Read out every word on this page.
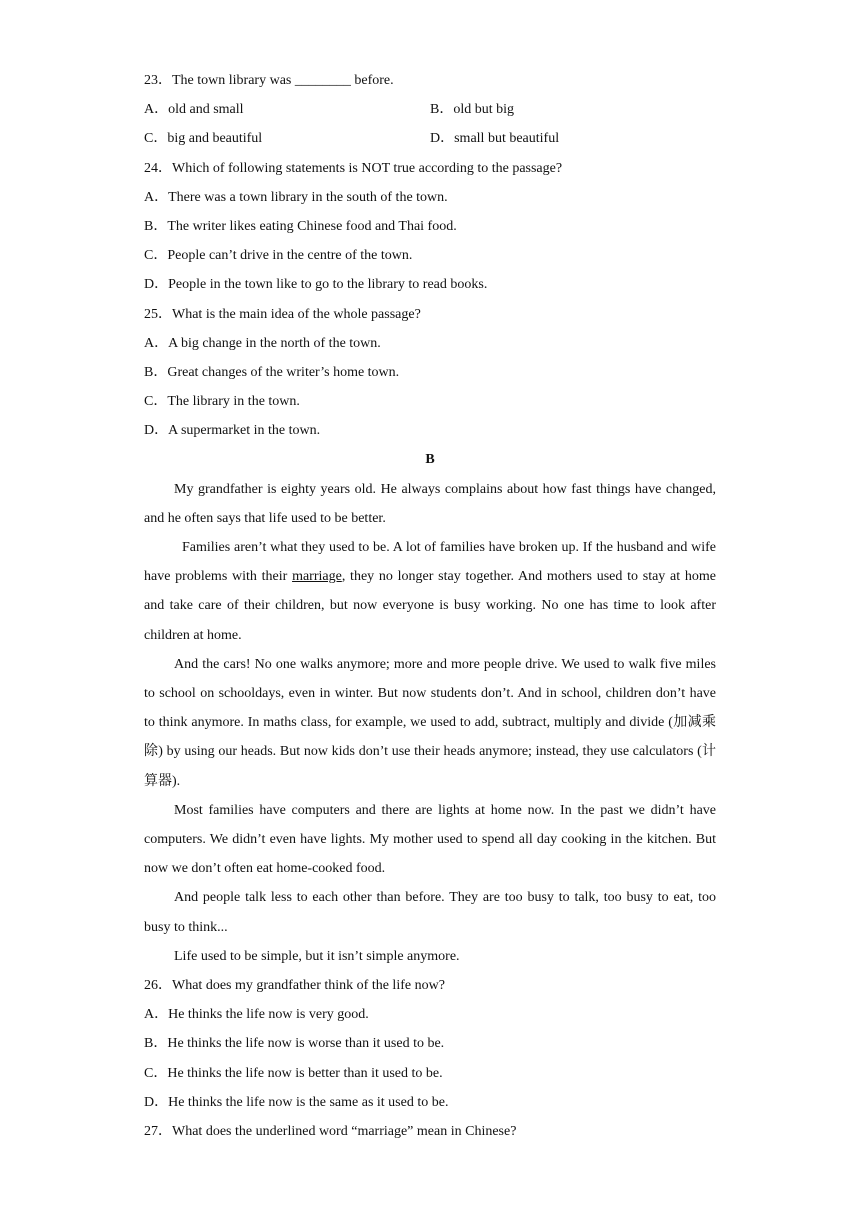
23．The town library was ________ before.
A．old and small	B．old but big
C．big and beautiful	D．small but beautiful
24．Which of following statements is NOT true according to the passage?
A．There was a town library in the south of the town.
B．The writer likes eating Chinese food and Thai food.
C．People can’t drive in the centre of the town.
D．People in the town like to go to the library to read books.
25．What is the main idea of the whole passage?
A．A big change in the north of the town.
B．Great changes of the writer’s home town.
C．The library in the town.
D．A supermarket in the town.
B
My grandfather is eighty years old. He always complains about how fast things have changed, and he often says that life used to be better.
Families aren’t what they used to be. A lot of families have broken up. If the husband and wife have problems with their marriage, they no longer stay together. And mothers used to stay at home and take care of their children, but now everyone is busy working. No one has time to look after children at home.
And the cars! No one walks anymore; more and more people drive. We used to walk five miles to school on schooldays, even in winter. But now students don’t. And in school, children don’t have to think anymore. In maths class, for example, we used to add, subtract, multiply and divide (加减乘除) by using our heads. But now kids don’t use their heads anymore; instead, they use calculators (计算器).
Most families have computers and there are lights at home now. In the past we didn’t have computers. We didn’t even have lights. My mother used to spend all day cooking in the kitchen. But now we don’t often eat home-cooked food.
And people talk less to each other than before. They are too busy to talk, too busy to eat, too busy to think...
Life used to be simple, but it isn’t simple anymore.
26．What does my grandfather think of the life now?
A．He thinks the life now is very good.
B．He thinks the life now is worse than it used to be.
C．He thinks the life now is better than it used to be.
D．He thinks the life now is the same as it used to be.
27．What does the underlined word “marriage” mean in Chinese?
